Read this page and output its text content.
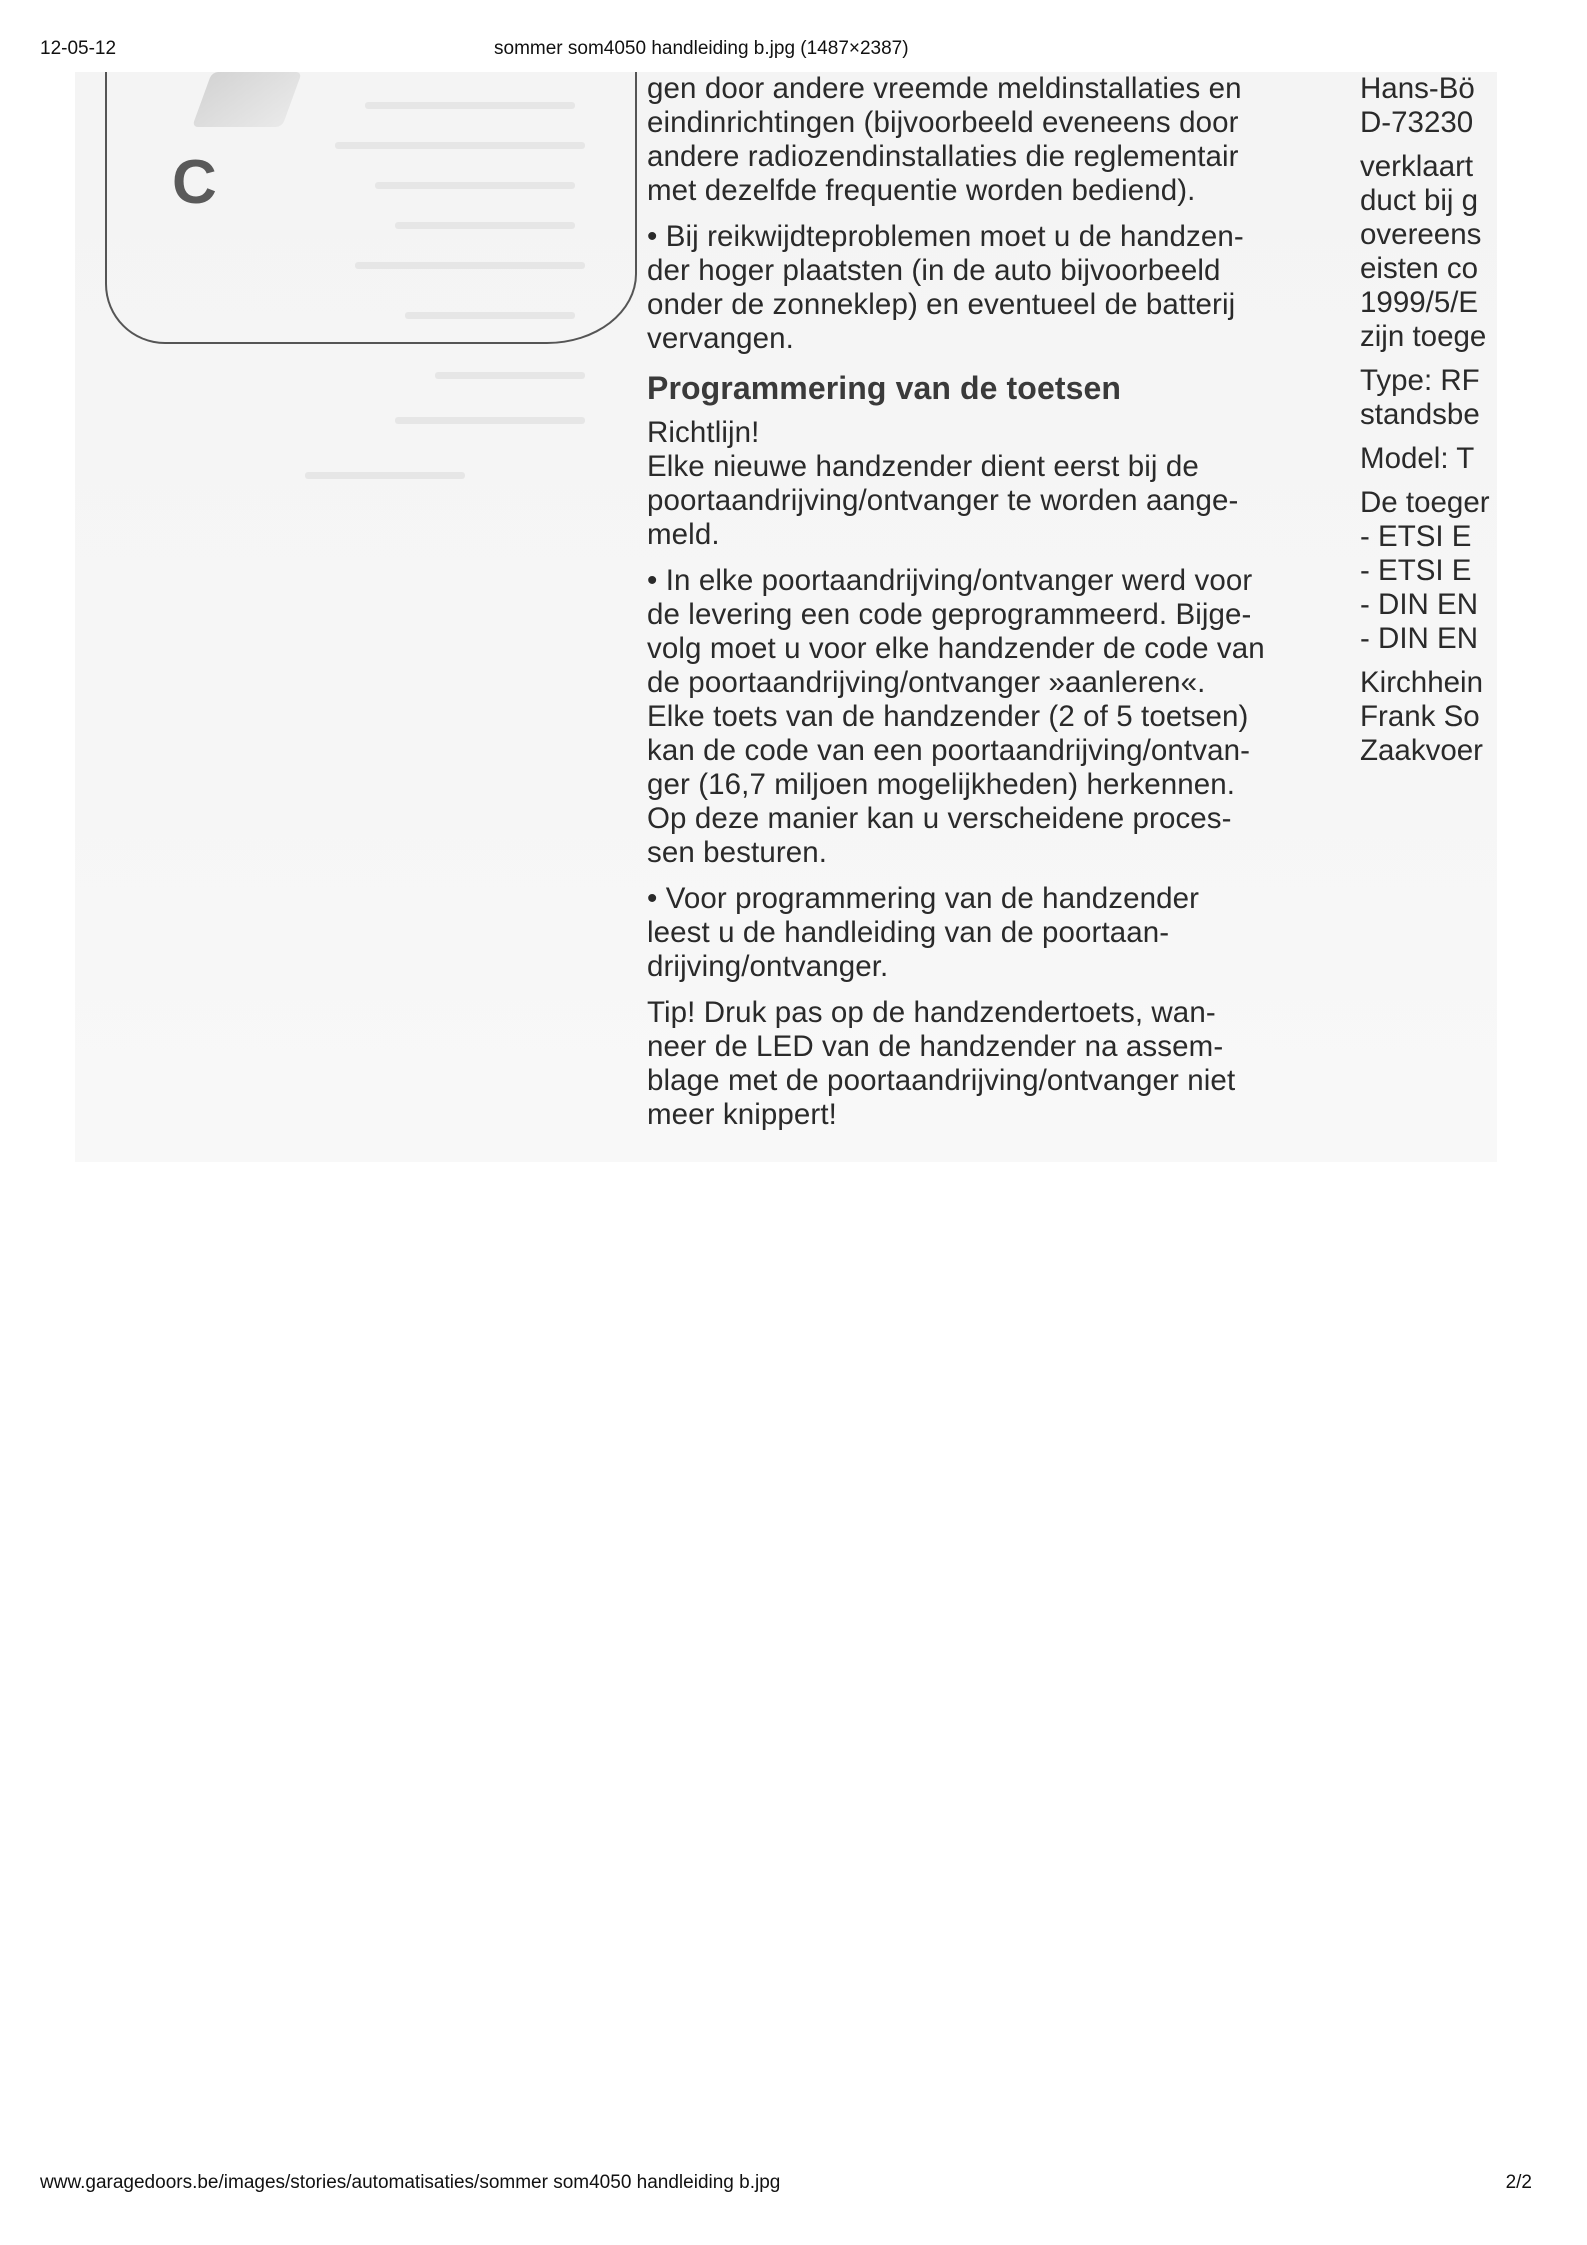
12-05-12	sommer som4050 handleiding b.jpg (1487×2387)
C

gen door andere vreemde meldinstallaties en
eindinrichtingen (bijvoorbeeld eveneens door
andere radiozendinstallaties die reglementair
met dezelfde frequentie worden bediend).

• Bij reikwijdteproblemen moet u de handzen-
der hoger plaatsten (in de auto bijvoorbeeld
onder de zonneklep) en eventueel de batterij
vervangen.

Programmering van de toetsen

Richtlijn!
Elke nieuwe handzender dient eerst bij de
poortaandrijving/ontvanger te worden aange-
meld.

• In elke poortaandrijving/ontvanger werd voor
de levering een code geprogrammeerd. Bijge-
volg moet u voor elke handzender de code van
de poortaandrijving/ontvanger »aanleren«.
Elke toets van de handzender (2 of 5 toetsen)
kan de code van een poortaandrijving/ontvan-
ger (16,7 miljoen mogelijkheden) herkennen.
Op deze manier kan u verscheidene proces-
sen besturen.

• Voor programmering van de handzender
leest u de handleiding van de poortaan-
drijving/ontvanger.

Tip! Druk pas op de handzendertoets, wan-
neer de LED van de handzender na assem-
blage met de poortaandrijving/ontvanger niet
meer knippert!

Hans-Bö
D-73230

verklaart
duct bij g
overeens
eisten co
1999/5/E
zijn toege

Type: RF
standsbe

Model: T

De toeger
- ETSI E
- ETSI E
- DIN EN
- DIN EN

Kirchhein
Frank So
Zaakvoer

www.garagedoors.be/images/stories/automatisaties/sommer som4050 handleiding b.jpg	2/2
